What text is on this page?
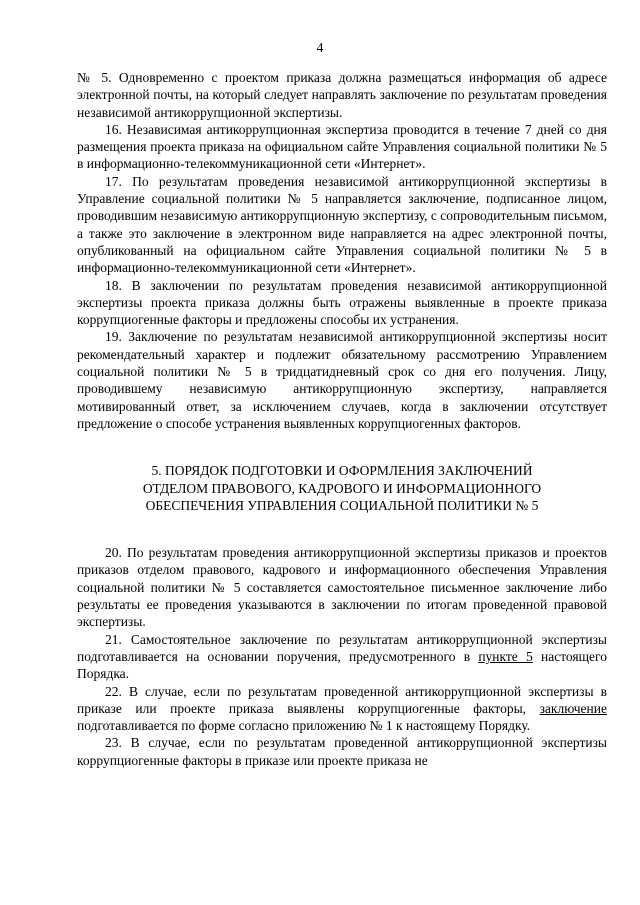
4

№ 5. Одновременно с проектом приказа должна размещаться информация об адресе электронной почты, на который следует направлять заключение по результатам проведения независимой антикоррупционной экспертизы.

16. Независимая антикоррупционная экспертиза проводится в течение 7 дней со дня размещения проекта приказа на официальном сайте Управления социальной политики № 5 в информационно-телекоммуникационной сети «Интернет».

17. По результатам проведения независимой антикоррупционной экспертизы в Управление социальной политики № 5 направляется заключение, подписанное лицом, проводившим независимую антикоррупционную экспертизу, с сопроводительным письмом, а также это заключение в электронном виде направляется на адрес электронной почты, опубликованный на официальном сайте Управления социальной политики № 5 в информационно-телекоммуникационной сети «Интернет».

18. В заключении по результатам проведения независимой антикоррупционной экспертизы проекта приказа должны быть отражены выявленные в проекте приказа коррупциогенные факторы и предложены способы их устранения.

19. Заключение по результатам независимой антикоррупционной экспертизы носит рекомендательный характер и подлежит обязательному рассмотрению Управлением социальной политики № 5 в тридцатидневный срок со дня его получения. Лицу, проводившему независимую антикоррупционную экспертизу, направляется мотивированный ответ, за исключением случаев, когда в заключении отсутствует предложение о способе устранения выявленных коррупциогенных факторов.

5. ПОРЯДОК ПОДГОТОВКИ И ОФОРМЛЕНИЯ ЗАКЛЮЧЕНИЙ
ОТДЕЛОМ ПРАВОВОГО, КАДРОВОГО И ИНФОРМАЦИОННОГО
ОБЕСПЕЧЕНИЯ УПРАВЛЕНИЯ СОЦИАЛЬНОЙ ПОЛИТИКИ № 5

20. По результатам проведения антикоррупционной экспертизы приказов и проектов приказов отделом правового, кадрового и информационного обеспечения Управления социальной политики № 5 составляется самостоятельное письменное заключение либо результаты ее проведения указываются в заключении по итогам проведенной правовой экспертизы.

21. Самостоятельное заключение по результатам антикоррупционной экспертизы подготавливается на основании поручения, предусмотренного в пункте 5 настоящего Порядка.

22. В случае, если по результатам проведенной антикоррупционной экспертизы в приказе или проекте приказа выявлены коррупциогенные факторы, заключение подготавливается по форме согласно приложению № 1 к настоящему Порядку.

23. В случае, если по результатам проведенной антикоррупционной экспертизы коррупциогенные факторы в приказе или проекте приказа не
